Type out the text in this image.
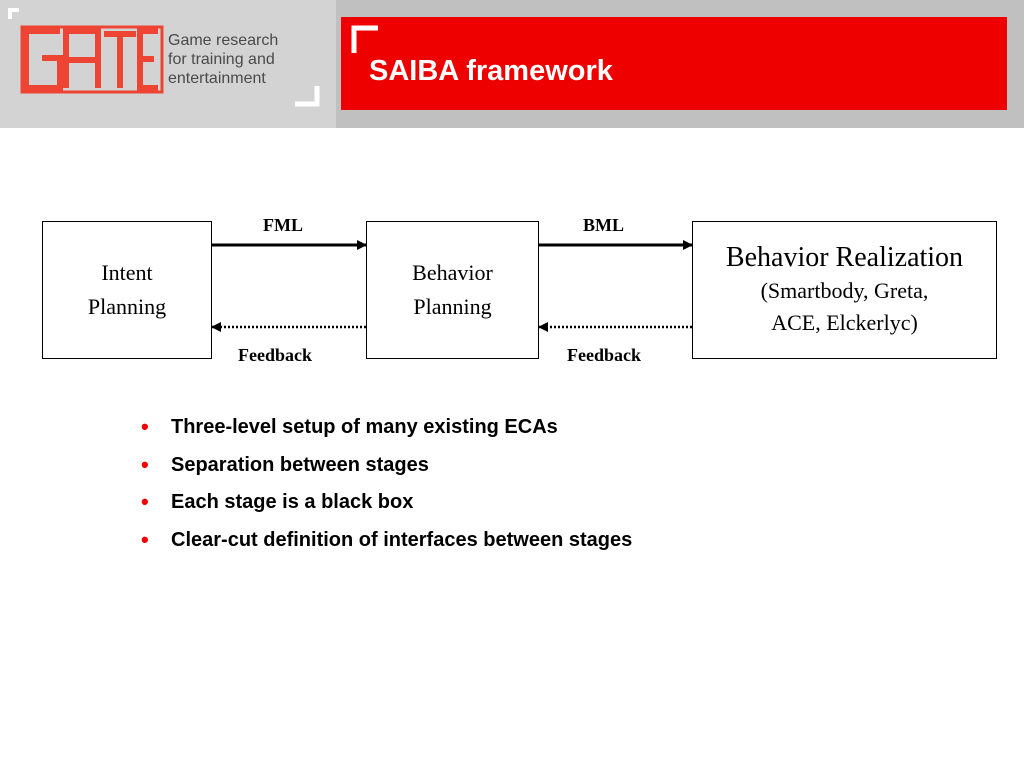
Game research
for training and
entertainment	SAIBA framework
Intent
Planning
Behavior
Planning
Behavior Realization
(Smartbody, Greta,
ACE, Elckerlyc)
FML	BML
Feedback	Feedback
• Three-level setup of many existing ECAs
• Separation between stages
• Each stage is a black box
• Clear-cut definition of interfaces between stages
